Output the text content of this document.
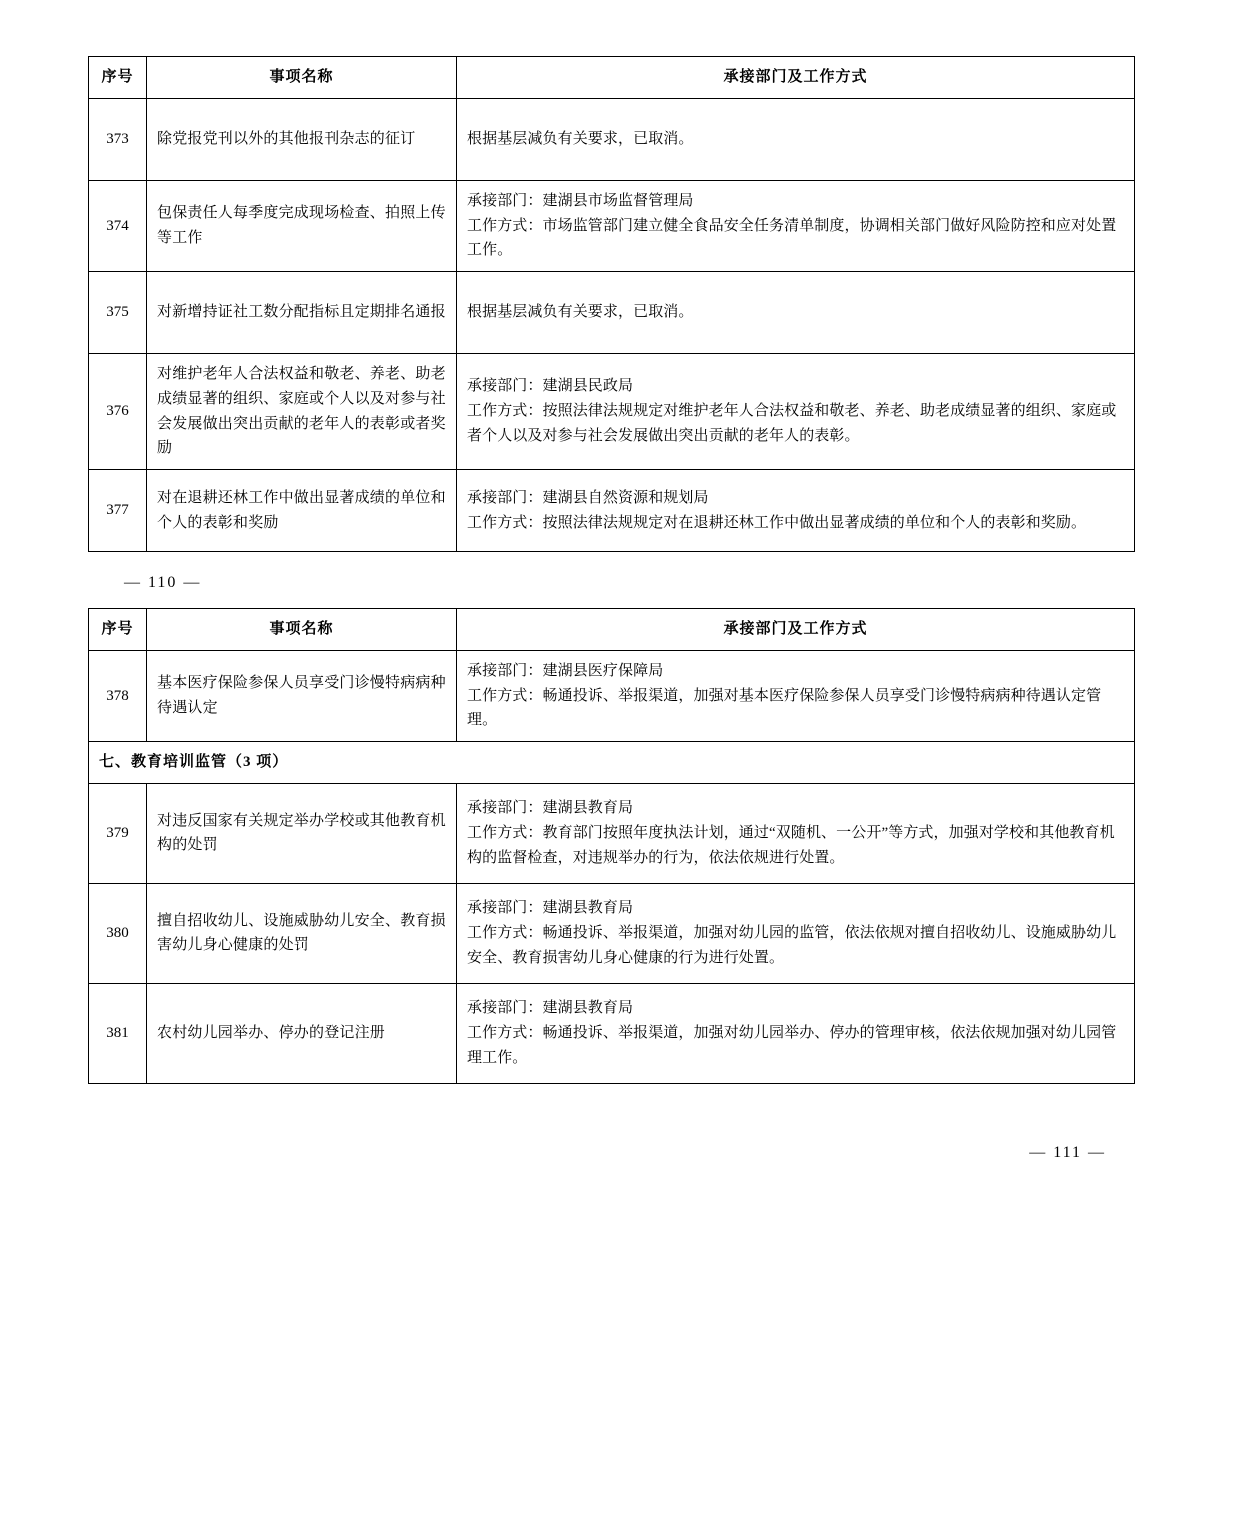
序号	事项名称	承接部门及工作方式
373	除党报党刊以外的其他报刊杂志的征订	根据基层减负有关要求，已取消。

374	包保责任人每季度完成现场检查、拍照上传等工作	承接部门：建湖县市场监督管理局
工作方式：市场监管部门建立健全食品安全任务清单制度，协调相关部门做好风险防控和应对处置工作。

375	对新增持证社工数分配指标且定期排名通报	根据基层减负有关要求，已取消。

376	对维护老年人合法权益和敬老、养老、助老成绩显著的组织、家庭或个人以及对参与社会发展做出突出贡献的老年人的表彰或者奖励	承接部门：建湖县民政局
工作方式：按照法律法规规定对维护老年人合法权益和敬老、养老、助老成绩显著的组织、家庭或者个人以及对参与社会发展做出突出贡献的老年人的表彰。

377	对在退耕还林工作中做出显著成绩的单位和个人的表彰和奖励	承接部门：建湖县自然资源和规划局
工作方式：按照法律法规规定对在退耕还林工作中做出显著成绩的单位和个人的表彰和奖励。
— 110 —
序号	事项名称	承接部门及工作方式
378	基本医疗保险参保人员享受门诊慢特病病种待遇认定	承接部门：建湖县医疗保障局
工作方式：畅通投诉、举报渠道，加强对基本医疗保险参保人员享受门诊慢特病病种待遇认定管理。

七、教育培训监管（3 项）		
379	对违反国家有关规定举办学校或其他教育机构的处罚	承接部门：建湖县教育局
工作方式：教育部门按照年度执法计划，通过“双随机、一公开”等方式，加强对学校和其他教育机构的监督检查，对违规举办的行为，依法依规进行处置。

380	擅自招收幼儿、设施威胁幼儿安全、教育损害幼儿身心健康的处罚	承接部门：建湖县教育局
工作方式：畅通投诉、举报渠道，加强对幼儿园的监管，依法依规对擅自招收幼儿、设施威胁幼儿安全、教育损害幼儿身心健康的行为进行处置。

381	农村幼儿园举办、停办的登记注册	承接部门：建湖县教育局
工作方式：畅通投诉、举报渠道，加强对幼儿园举办、停办的管理审核，依法依规加强对幼儿园管理工作。
— 111 —
